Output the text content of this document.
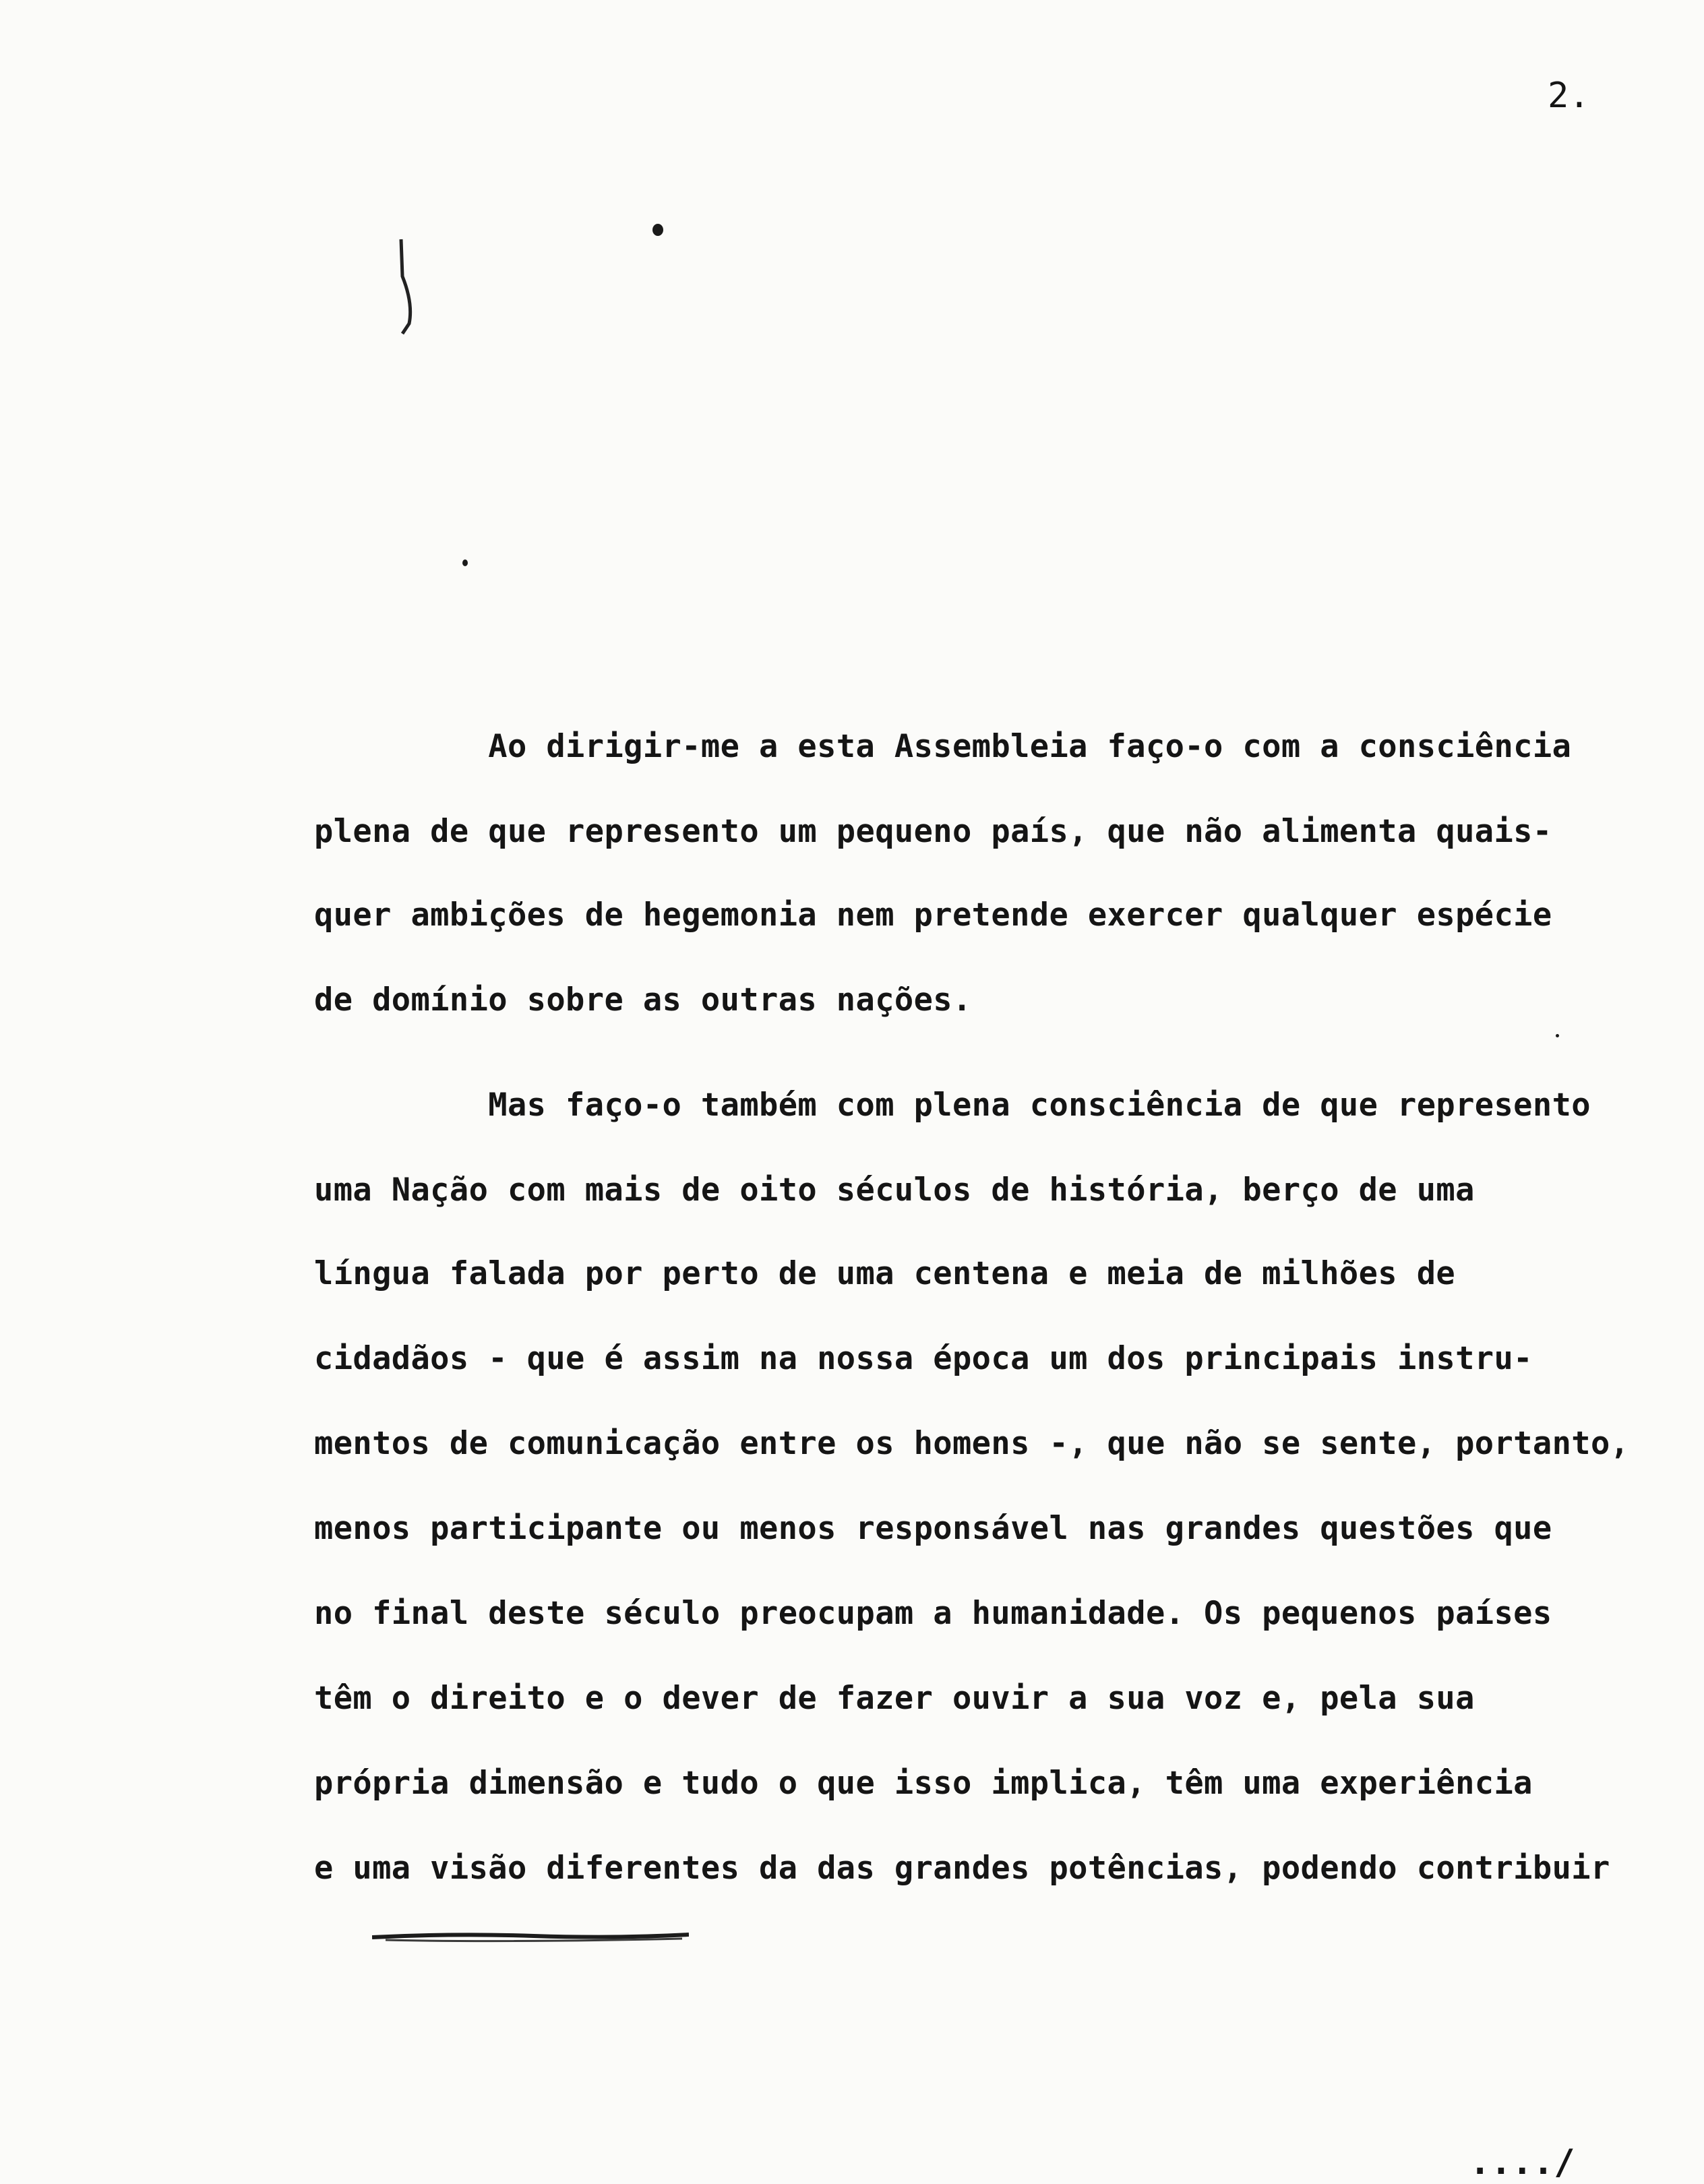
2.
Ao dirigir-me a esta Assembleia faço-o com a consciência
plena de que represento um pequeno país, que não alimenta quais-
quer ambições de hegemonia nem pretende exercer qualquer espécie
de domínio sobre as outras nações.
Mas faço-o também com plena consciência de que represento
uma Nação com mais de oito séculos de história, berço de uma
língua falada por perto de uma centena e meia de milhões de
cidadãos - que é assim na nossa época um dos principais instru-
mentos de comunicação entre os homens -, que não se sente, portanto,
menos participante ou menos responsável nas grandes questões que
no final deste século preocupam a humanidade. Os pequenos países
têm o direito e o dever de fazer ouvir a sua voz e, pela sua
própria dimensão e tudo o que isso implica, têm uma experiência
e uma visão diferentes da das grandes potências, podendo contribuir
..../
